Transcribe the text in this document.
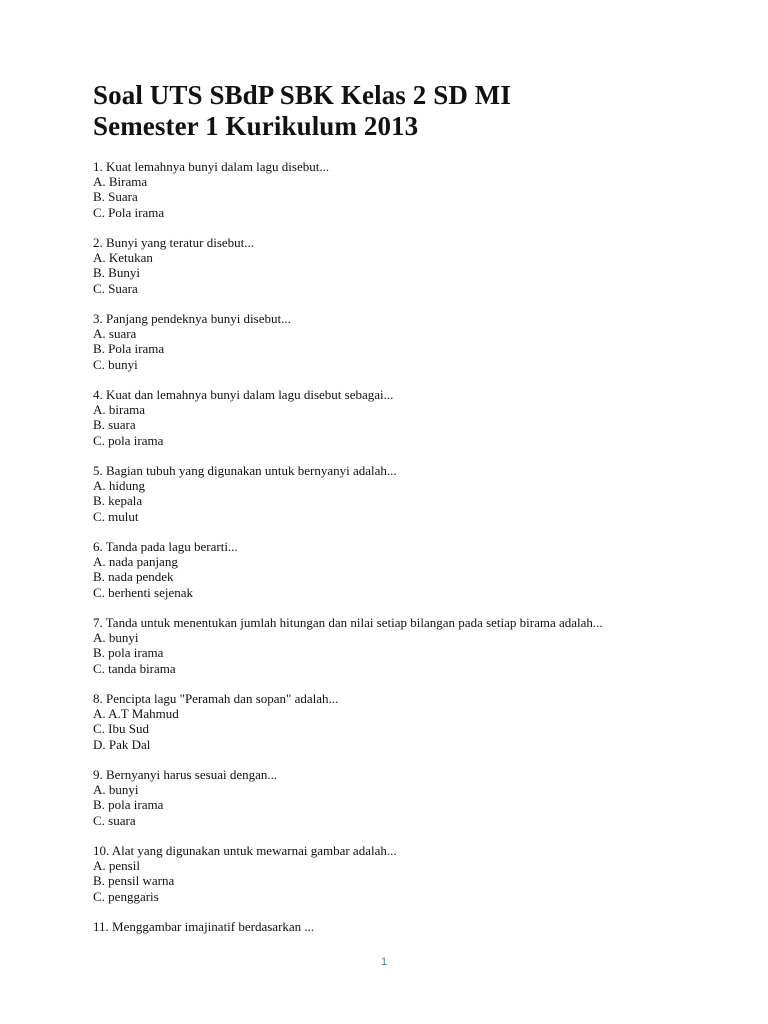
Soal UTS SBdP SBK Kelas 2 SD MI
Semester 1 Kurikulum 2013
1. Kuat lemahnya bunyi dalam lagu disebut...
A. Birama
B. Suara
C. Pola irama
2. Bunyi yang teratur disebut...
A. Ketukan
B. Bunyi
C. Suara
3. Panjang pendeknya bunyi disebut...
A. suara
B. Pola irama
C. bunyi
4. Kuat dan lemahnya bunyi dalam lagu disebut sebagai...
A. birama
B. suara
C. pola irama
5. Bagian tubuh yang digunakan untuk bernyanyi adalah...
A. hidung
B. kepala
C. mulut
6. Tanda pada lagu berarti...
A. nada panjang
B. nada pendek
C. berhenti sejenak
7. Tanda untuk menentukan jumlah hitungan dan nilai setiap bilangan pada setiap birama adalah...
A. bunyi
B. pola irama
C. tanda birama
8. Pencipta lagu "Peramah dan sopan" adalah...
A. A.T Mahmud
C. Ibu Sud
D. Pak Dal
9. Bernyanyi harus sesuai dengan...
A. bunyi
B. pola irama
C. suara
10. Alat yang digunakan untuk mewarnai gambar adalah...
A. pensil
B. pensil warna
C. penggaris
11. Menggambar imajinatif berdasarkan ...
1
